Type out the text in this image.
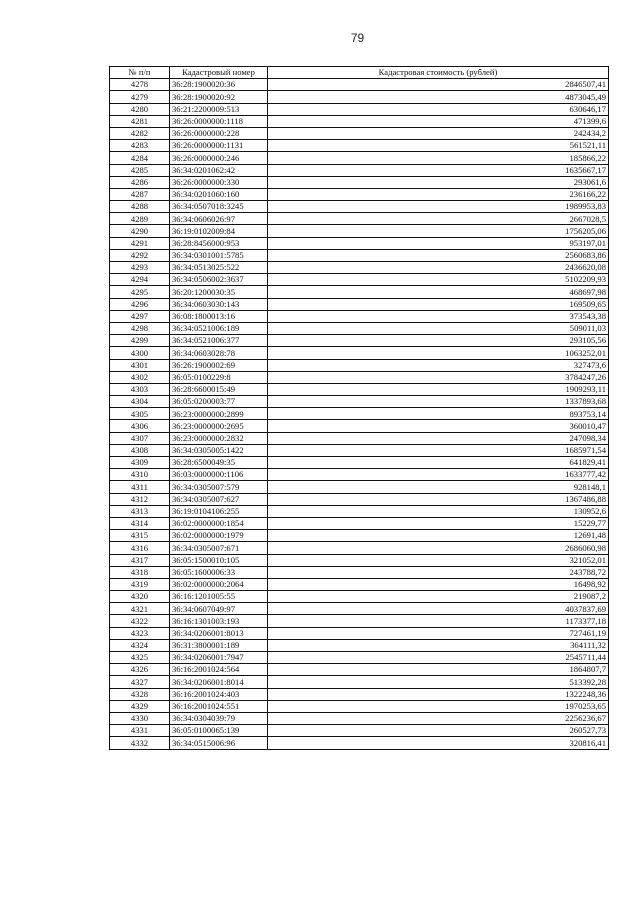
79
№ п/п	Кадастровый номер	Кадастровая стоимость (рублей)
4278	36:28:1900020:36	2846507,41
4279	36:28:1900020:92	4873045,49
4280	36:21:2200009:513	630646,17
4281	36:26:0000000:1118	471399,6
4282	36:26:0000000:228	242434,2
4283	36:26:0000000:1131	561521,11
4284	36:26:0000000:246	185866,22
4285	36:34:0201062:42	1635667,17
4286	36:26:0000000:330	293061,6
4287	36:34:0201060:160	236166,22
4288	36:34:0507018:3245	1989953,83
4289	36:34:0606026:97	2667028,5
4290	36:19:0102009:84	1756205,06
4291	36:28:8456000:953	953197,01
4292	36:34:0301001:5785	2560683,86
4293	36:34:0513025:522	2436620,08
4294	36:34:0506002:3637	5102209,93
4295	36:20:1200030:35	468697,98
4296	36:34:0603030:143	169509,65
4297	36:08:1800013:16	373543,38
4298	36:34:0521006:189	509011,03
4299	36:34:0521006:377	293105,56
4300	36:34:0603028:78	1063252,01
4301	36:26:1900002:69	327473,6
4302	36:05:0100229:8	3784247,26
4303	36:28:6600015:49	1909293,11
4304	36:05:0200003:77	1337893,68
4305	36:23:0000000:2899	893753,14
4306	36:23:0000000:2695	360010,47
4307	36:23:0000000:2832	247098,34
4308	36:34:0305005:1422	1685971,54
4309	36:28:6500049:35	641829,41
4310	36:03:0000000:1106	1633777,42
4311	36:34:0305007:579	928148,1
4312	36:34:0305007:627	1367486,88
4313	36:19:0104106:255	130952,6
4314	36:02:0000000:1854	15229,77
4315	36:02:0000000:1979	12691,48
4316	36:34:0305007:671	2686060,98
4317	36:05:1500010:105	321052,01
4318	36:05:1600006:33	243788,72
4319	36:02:0000000:2064	16498,92
4320	36:16:1201005:55	219087,2
4321	36:34:0607049:97	4037837,69
4322	36:16:1301003:193	1173377,18
4323	36:34:0206001:8013	727461,19
4324	36:31:3800001:189	364111,32
4325	36:34:0206001:7947	2545711,44
4326	36:16:2001024:564	1864807,7
4327	36:34:0206001:8014	513392,28
4328	36:16:2001024:403	1322248,36
4329	36:16:2001024:551	1970253,65
4330	36:34:0304039:79	2256236,67
4331	36:05:0100065:139	260527,73
4332	36:34:0515006:96	320816,41
